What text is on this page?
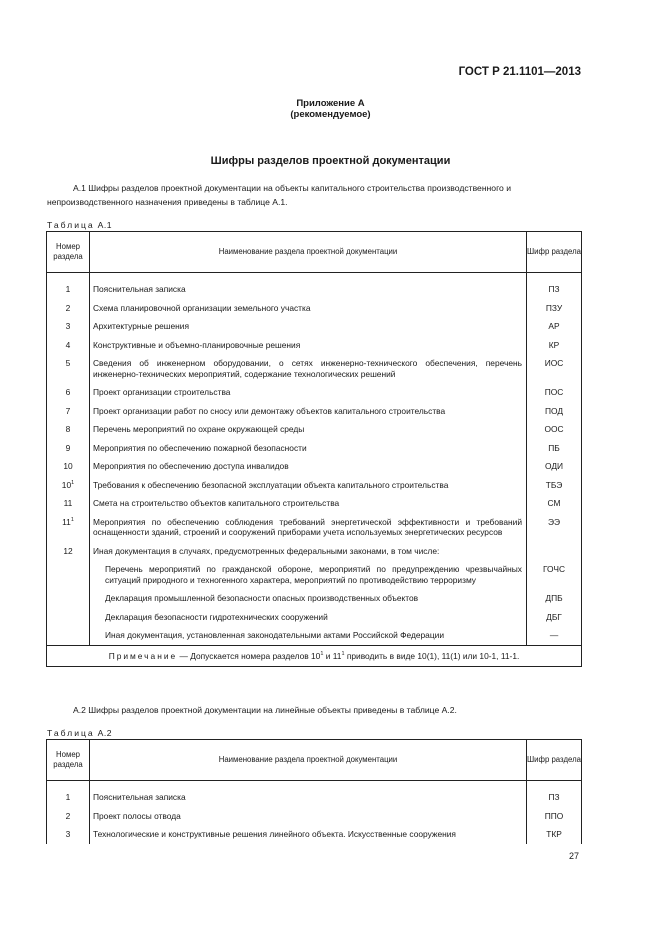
ГОСТ Р 21.1101—2013
Приложение А
(рекомендуемое)
Шифры разделов проектной документации
А.1 Шифры разделов проектной документации на объекты капитального строительства производственного и
непроизводственного назначения приведены в таблице А.1.
Таблица А.1
Номер раздела	Наименование раздела проектной документации	Шифр раздела

1	Пояснительная записка	ПЗ
2	Схема планировочной организации земельного участка	ПЗУ
3	Архитектурные решения	АР
4	Конструктивные и объемно-планировочные решения	КР
5	Сведения об инженерном оборудовании, о сетях инженерно-технического обеспечения, перечень инженерно-технических мероприятий, содержание технологических решений	ИОС
6	Проект организации строительства	ПОС
7	Проект организации работ по сносу или демонтажу объектов капитального строительства	ПОД
8	Перечень мероприятий по охране окружающей среды	ООС
9	Мероприятия по обеспечению пожарной безопасности	ПБ
10	Мероприятия по обеспечению доступа инвалидов	ОДИ
$10^1$	Требования к обеспечению безопасной эксплуатации объекта капитального строительства	ТБЭ
11	Смета на строительство объектов капитального строительства	СМ
$11^1$	Мероприятия по обеспечению соблюдения требований энергетической эффективности и требований оснащенности зданий, строений и сооружений приборами учета используемых энергетических ресурсов	ЭЭ
12	Иная документация в случаях, предусмотренных федеральными законами, в том числе:	
	Перечень мероприятий по гражданской обороне, мероприятий по предупреждению чрезвычайных ситуаций природного и техногенного характера, мероприятий по противодействию терроризму	ГОЧС
	Декларация промышленной безопасности опасных производственных объектов	ДПБ
	Декларация безопасности гидротехнических сооружений	ДБГ
	Иная документация, установленная законодательными актами Российской Федерации	—
Примечание — Допускается номера разделов $10^1$ и $11^1$ приводить в виде 10(1), 11(1) или 10-1, 11-1.		
А.2 Шифры разделов проектной документации на линейные объекты приведены в таблице А.2.
Таблица А.2
Номер раздела	Наименование раздела проектной документации	Шифр раздела

1	Пояснительная записка	ПЗ
2	Проект полосы отвода	ППО
3	Технологические и конструктивные решения линейного объекта. Искусственные сооружения	ТКР
27
